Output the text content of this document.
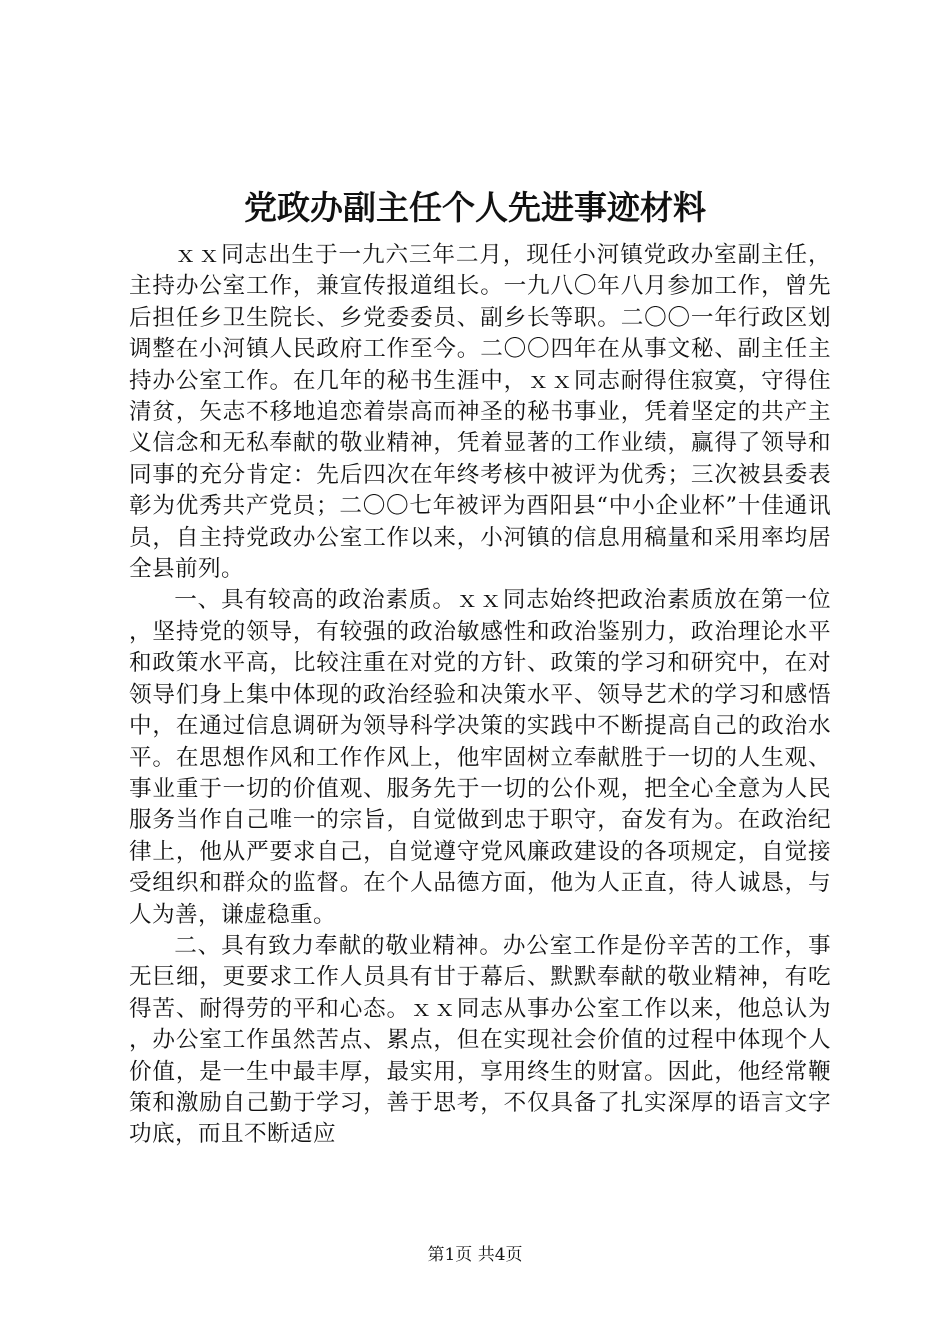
党政办副主任个人先进事迹材料

ｘｘ同志出生于一九六三年二月，现任小河镇党政办室副主任，主持办公室工作，兼宣传报道组长。一九八〇年八月参加工作，曾先后担任乡卫生院长、乡党委委员、副乡长等职。二〇〇一年行政区划调整在小河镇人民政府工作至今。二〇〇四年在从事文秘、副主任主持办公室工作。在几年的秘书生涯中，ｘｘ同志耐得住寂寞，守得住清贫，矢志不移地追恋着崇高而神圣的秘书事业，凭着坚定的共产主义信念和无私奉献的敬业精神，凭着显著的工作业绩，赢得了领导和同事的充分肯定：先后四次在年终考核中被评为优秀；三次被县委表彰为优秀共产党员；二〇〇七年被评为酉阳县“中小企业杯”十佳通讯员，自主持党政办公室工作以来，小河镇的信息用稿量和采用率均居全县前列。

一、具有较高的政治素质。ｘｘ同志始终把政治素质放在第一位，坚持党的领导，有较强的政治敏感性和政治鉴别力，政治理论水平和政策水平高，比较注重在对党的方针、政策的学习和研究中，在对领导们身上集中体现的政治经验和决策水平、领导艺术的学习和感悟中，在通过信息调研为领导科学决策的实践中不断提高自己的政治水平。在思想作风和工作作风上，他牢固树立奉献胜于一切的人生观、事业重于一切的价值观、服务先于一切的公仆观，把全心全意为人民服务当作自己唯一的宗旨，自觉做到忠于职守，奋发有为。在政治纪律上，他从严要求自己，自觉遵守党风廉政建设的各项规定，自觉接受组织和群众的监督。在个人品德方面，他为人正直，待人诚恳，与人为善，谦虚稳重。

二、具有致力奉献的敬业精神。办公室工作是份辛苦的工作，事无巨细，更要求工作人员具有甘于幕后、默默奉献的敬业精神，有吃得苦、耐得劳的平和心态。ｘｘ同志从事办公室工作以来，他总认为，办公室工作虽然苦点、累点，但在实现社会价值的过程中体现个人价值，是一生中最丰厚，最实用，享用终生的财富。因此，他经常鞭策和激励自己勤于学习，善于思考，不仅具备了扎实深厚的语言文字功底，而且不断适应

第1页 共4页
